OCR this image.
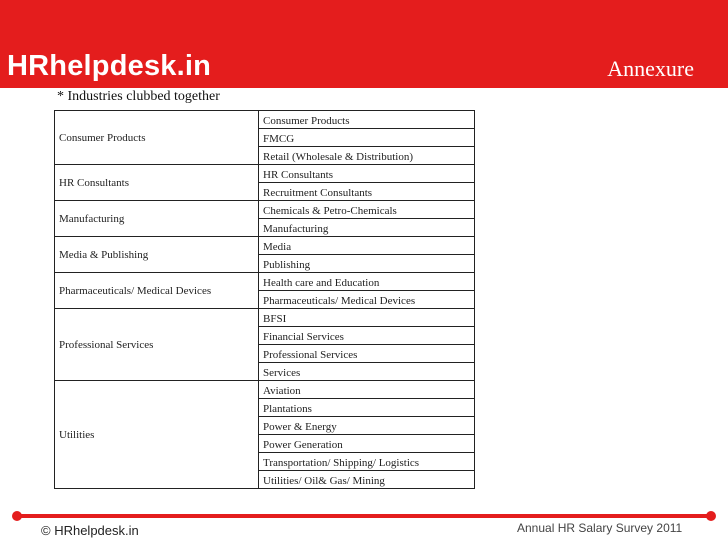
HRhelpdesk.in	Annexure
* Industries clubbed together
Consumer Products	Consumer Products
	FMCG
	Retail (Wholesale & Distribution)
HR Consultants	HR Consultants
	Recruitment Consultants
Manufacturing	Chemicals & Petro-Chemicals
	Manufacturing
Media & Publishing	Media
	Publishing
Pharmaceuticals/ Medical Devices	Health care and Education
	Pharmaceuticals/ Medical Devices
Professional Services	BFSI
	Financial Services
	Professional Services
	Services
Utilities	Aviation
	Plantations
	Power & Energy
	Power Generation
	Transportation/ Shipping/ Logistics
	Utilities/ Oil& Gas/ Mining
© HRhelpdesk.in	Annual HR Salary Survey 2011
